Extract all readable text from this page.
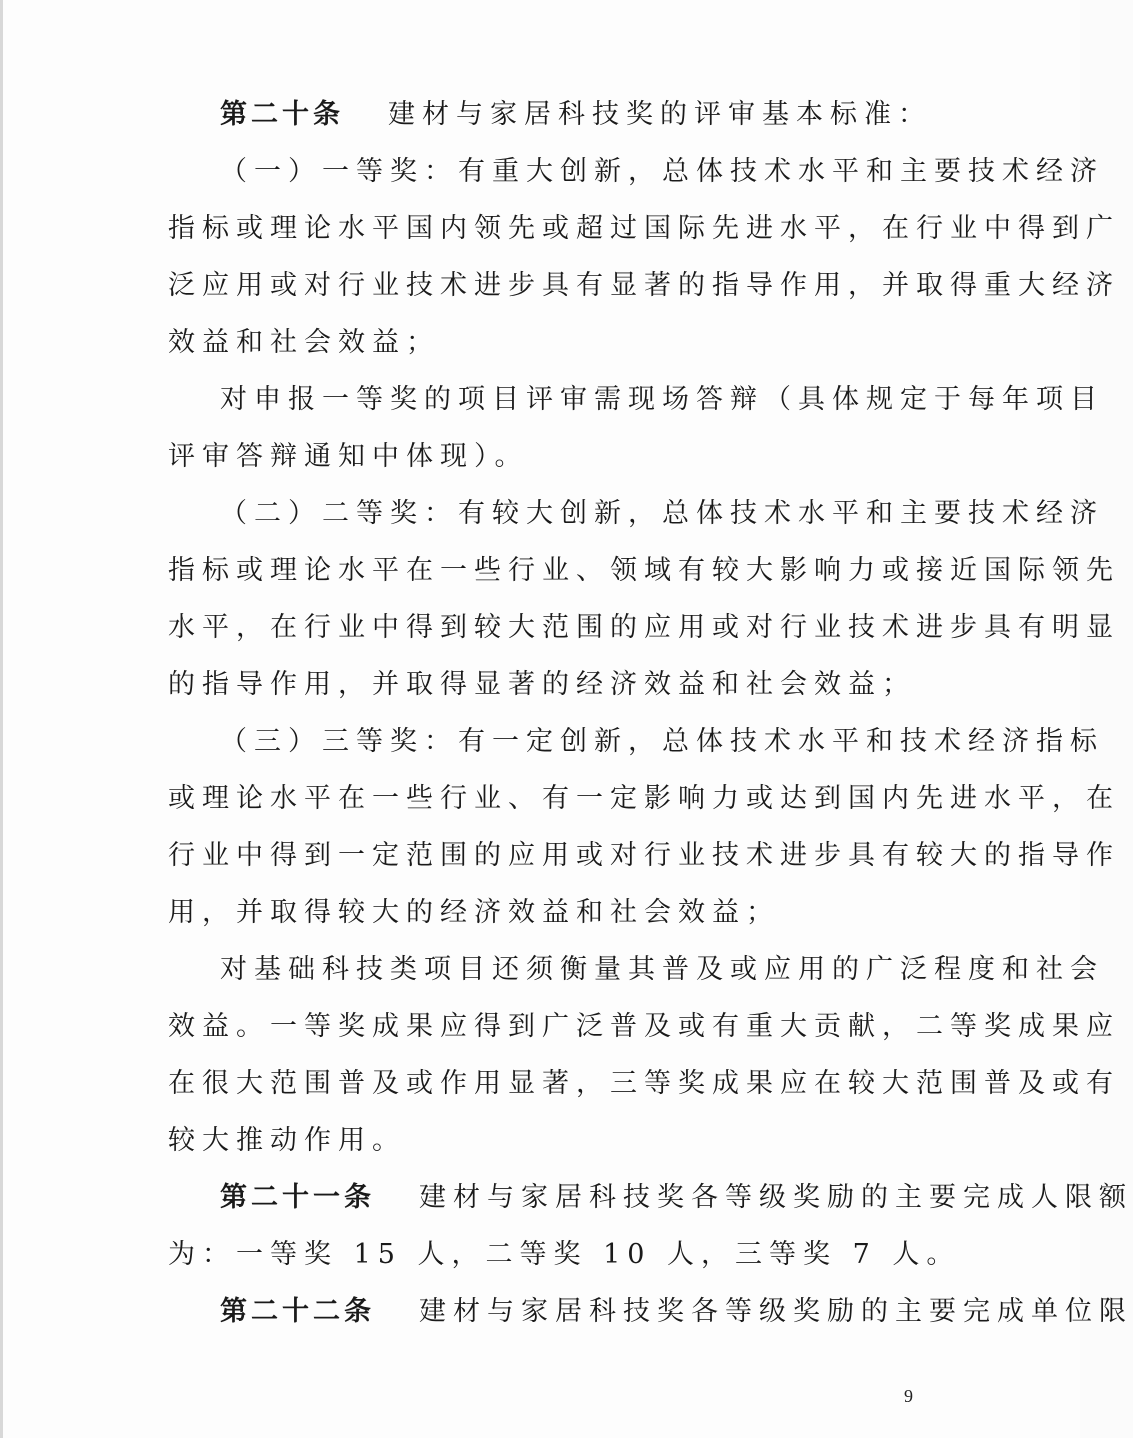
第二十条 建材与家居科技奖的评审基本标准：
（一）一等奖：有重大创新，总体技术水平和主要技术经济
指标或理论水平国内领先或超过国际先进水平，在行业中得到广
泛应用或对行业技术进步具有显著的指导作用，并取得重大经济
效益和社会效益；
对申报一等奖的项目评审需现场答辩（具体规定于每年项目
评审答辩通知中体现）。
（二）二等奖：有较大创新，总体技术水平和主要技术经济
指标或理论水平在一些行业、领域有较大影响力或接近国际领先
水平，在行业中得到较大范围的应用或对行业技术进步具有明显
的指导作用，并取得显著的经济效益和社会效益；
（三）三等奖：有一定创新，总体技术水平和技术经济指标
或理论水平在一些行业、有一定影响力或达到国内先进水平，在
行业中得到一定范围的应用或对行业技术进步具有较大的指导作
用，并取得较大的经济效益和社会效益；
对基础科技类项目还须衡量其普及或应用的广泛程度和社会
效益。一等奖成果应得到广泛普及或有重大贡献，二等奖成果应
在很大范围普及或作用显著，三等奖成果应在较大范围普及或有
较大推动作用。
第二十一条 建材与家居科技奖各等级奖励的主要完成人限额
为：一等奖 15 人，二等奖 10 人，三等奖 7 人。
第二十二条 建材与家居科技奖各等级奖励的主要完成单位限
9
